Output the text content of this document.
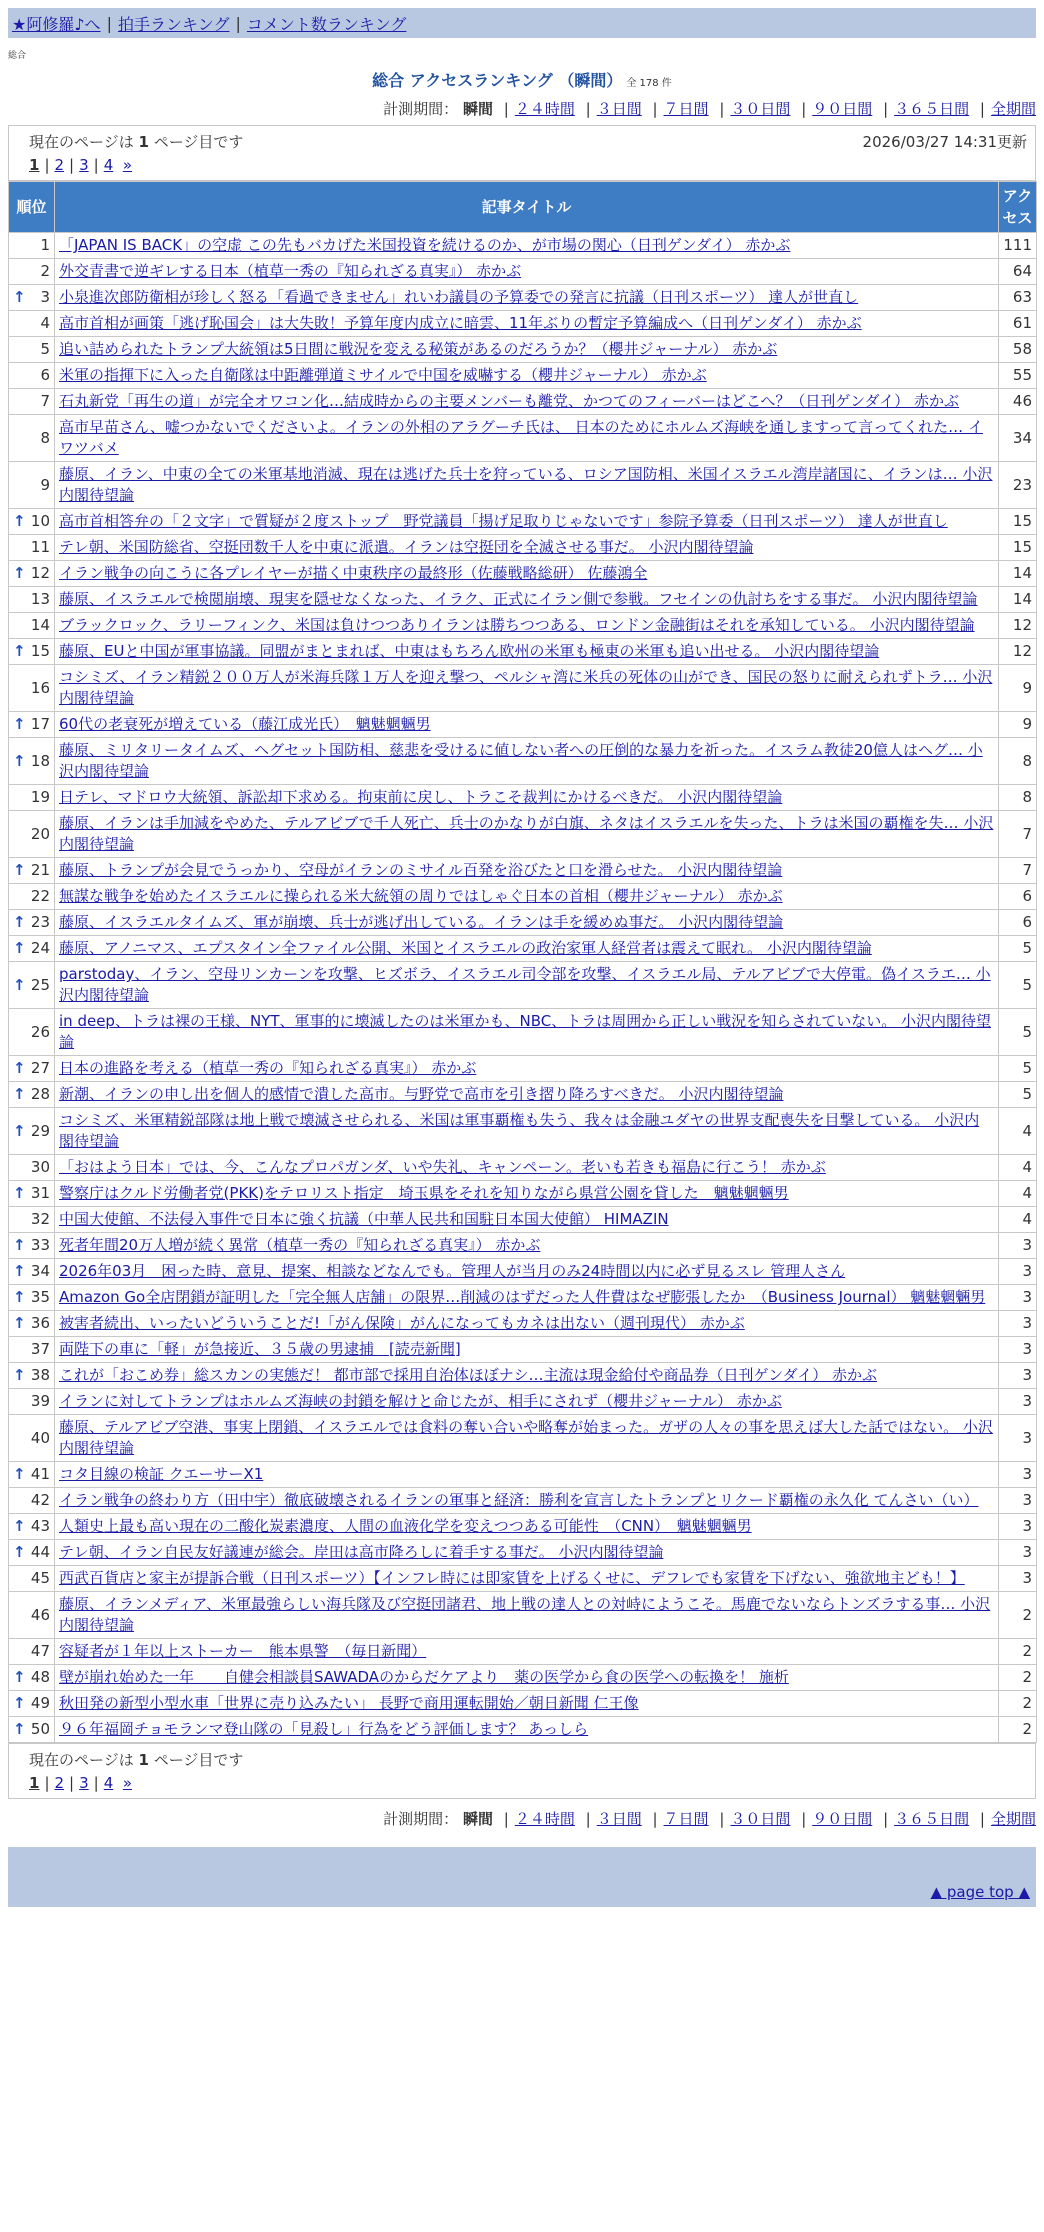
★阿修羅♪へ | 拍手ランキング | コメント数ランキング
総合
総合 アクセスランキング （瞬間） 全 178 件
計測期間： 瞬間 | ２４時間 | ３日間 | ７日間 | ３０日間 | ９０日間 | ３６５日間 | 全期間
現在のページは 1 ページ目です	2026/03/27 14:31更新
1 | 2 | 3 | 4 »
順位	記事タイトル	アクセス
1	「JAPAN IS BACK」の空虚 この先もバカげた米国投資を続けるのか、が市場の関心（日刊ゲンダイ） 赤かぶ	111
2	外交青書で逆ギレする日本（植草一秀の『知られざる真実』） 赤かぶ	64

↑ 3	小泉進次郎防衛相が珍しく怒る「看過できません」れいわ議員の予算委での発言に抗議（日刊スポーツ） 達人が世直し	63
4	高市首相が画策「逃げ恥国会」は大失敗！予算年度内成立に暗雲、11年ぶりの暫定予算編成へ（日刊ゲンダイ） 赤かぶ	61
5	追い詰められたトランプ大統領は5日間に戦況を変える秘策があるのだろうか？（櫻井ジャーナル） 赤かぶ	58
6	米軍の指揮下に入った自衛隊は中距離弾道ミサイルで中国を威嚇する（櫻井ジャーナル） 赤かぶ	55
7	石丸新党「再生の道」が完全オワコン化…結成時からの主要メンバーも離党、かつてのフィーバーはどこへ？（日刊ゲンダイ） 赤かぶ	46
8	高市早苗さん、嘘つかないでくださいよ。イランの外相のアラグーチ氏は、 日本のためにホルムズ海峡を通しますって言ってくれた… イワツバメ	34
9	藤原、イラン、中東の全ての米軍基地消滅、現在は逃げた兵士を狩っている、ロシア国防相、米国イスラエル湾岸諸国に、イランは… 小沢内閣待望論	23

↑ 10	高市首相答弁の「２文字」で質疑が２度ストップ　野党議員「揚げ足取りじゃないです」参院予算委（日刊スポーツ） 達人が世直し	15
11	テレ朝、米国防総省、空挺団数千人を中東に派遣。イランは空挺団を全滅させる事だ。 小沢内閣待望論	15

↑ 12	イラン戦争の向こうに各プレイヤーが描く中東秩序の最終形（佐藤戦略総研） 佐藤鴻全	14
13	藤原、イスラエルで検閲崩壊、現実を隠せなくなった、イラク、正式にイラン側で参戦。フセインの仇討ちをする事だ。 小沢内閣待望論	14
14	ブラックロック、ラリーフィンク、米国は負けつつありイランは勝ちつつある、ロンドン金融街はそれを承知している。 小沢内閣待望論	12

↑ 15	藤原、EUと中国が軍事協議。同盟がまとまれば、中東はもちろん欧州の米軍も極東の米軍も追い出せる。 小沢内閣待望論	12
16	コシミズ、イラン精鋭２００万人が米海兵隊１万人を迎え撃つ、ペルシャ湾に米兵の死体の山ができ、国民の怒りに耐えられずトラ… 小沢内閣待望論	9

↑ 17	60代の老衰死が増えている（藤江成光氏）　魑魅魍魎男	9

↑ 18	藤原、ミリタリータイムズ、ヘグセット国防相、慈悲を受けるに値しない者への圧倒的な暴力を祈った。イスラム教徒20億人はヘグ… 小沢内閣待望論	8
19	日テレ、マドロウ大統領、訴訟却下求める。拘束前に戻し、トラこそ裁判にかけるべきだ。 小沢内閣待望論	8
20	藤原、イランは手加減をやめた、テルアビブで千人死亡、兵士のかなりが白旗、ネタはイスラエルを失った、トラは米国の覇権を失… 小沢内閣待望論	7

↑ 21	藤原、トランプが会見でうっかり、空母がイランのミサイル百発を浴びたと口を滑らせた。 小沢内閣待望論	7
22	無謀な戦争を始めたイスラエルに操られる米大統領の周りではしゃぐ日本の首相（櫻井ジャーナル） 赤かぶ	6

↑ 23	藤原、イスラエルタイムズ、軍が崩壊、兵士が逃げ出している。イランは手を緩めぬ事だ。 小沢内閣待望論	6

↑ 24	藤原、アノニマス、エプスタイン全ファイル公開、米国とイスラエルの政治家軍人経営者は震えて眠れ。 小沢内閣待望論	5

↑ 25	parstoday、イラン、空母リンカーンを攻撃、ヒズボラ、イスラエル司令部を攻撃、イスラエル局、テルアビブで大停電。偽イスラエ… 小沢内閣待望論	5
26	in deep、トラは裸の王様、NYT、軍事的に壊滅したのは米軍かも、NBC、トラは周囲から正しい戦況を知らされていない。 小沢内閣待望論	5

↑ 27	日本の進路を考える（植草一秀の『知られざる真実』） 赤かぶ	5

↑ 28	新潮、イランの申し出を個人的感情で潰した高市。与野党で高市を引き摺り降ろすべきだ。 小沢内閣待望論	5

↑ 29	コシミズ、米軍精鋭部隊は地上戦で壊滅させられる、米国は軍事覇権も失う、我々は金融ユダヤの世界支配喪失を目撃している。 小沢内閣待望論	4
30	「おはよう日本」では、今、こんなプロパガンダ、いや失礼、キャンペーン。老いも若きも福島に行こう！ 赤かぶ	4

↑ 31	警察庁はクルド労働者党(PKK)をテロリスト指定　埼玉県をそれを知りながら県営公園を貸した　魑魅魍魎男	4
32	中国大使館、不法侵入事件で日本に強く抗議（中華人民共和国駐日本国大使館） HIMAZIN	4

↑ 33	死者年間20万人増が続く異常（植草一秀の『知られざる真実』） 赤かぶ	3

↑ 34	2026年03月　困った時、意見、提案、相談などなんでも。管理人が当月のみ24時間以内に必ず見るスレ 管理人さん	3

↑ 35	Amazon Go全店閉鎖が証明した「完全無人店舗」の限界…削減のはずだった人件費はなぜ膨張したか　（Business Journal） 魑魅魍魎男	3

↑ 36	被害者続出、いったいどういうことだ!「がん保険」がんになってもカネは出ない（週刊現代） 赤かぶ	3
37	両陛下の車に「軽」が急接近、３５歳の男逮捕　[読売新聞]	3

↑ 38	これが「おこめ券」総スカンの実態だ！ 都市部で採用自治体ほぼナシ…主流は現金給付や商品券（日刊ゲンダイ） 赤かぶ	3
39	イランに対してトランプはホルムズ海峡の封鎖を解けと命じたが、相手にされず（櫻井ジャーナル） 赤かぶ	3
40	藤原、テルアビブ空港、事実上閉鎖、イスラエルでは食料の奪い合いや略奪が始まった。ガザの人々の事を思えば大した話ではない。 小沢内閣待望論	3

↑ 41	コタ目線の検証 クエーサーX1	3
42	イラン戦争の終わり方（田中宇）徹底破壊されるイランの軍事と経済：勝利を宣言したトランプとリクード覇権の永久化 てんさい（い）	3

↑ 43	人類史上最も高い現在の二酸化炭素濃度、人間の血液化学を変えつつある可能性　（CNN）　魑魅魍魎男	3

↑ 44	テレ朝、イラン自民友好議連が総会。岸田は高市降ろしに着手する事だ。 小沢内閣待望論	3
45	西武百貨店と家主が提訴合戦（日刊スポーツ）【インフレ時には即家賃を上げるくせに、デフレでも家賃を下げない、強欲地主ども！】	3
46	藤原、イランメディア、米軍最強らしい海兵隊及び空挺団諸君、地上戦の達人との対峙にようこそ。馬鹿でないならトンズラする事… 小沢内閣待望論	2
47	容疑者が１年以上ストーカー　熊本県警　（毎日新聞）	2

↑ 48	壁が崩れ始めた一年　　自健会相談員SAWADAのからだケアより　薬の医学から食の医学への転換を！ 施析	2

↑ 49	秋田発の新型小型水車「世界に売り込みたい」 長野で商用運転開始／朝日新聞 仁王像	2

↑ 50	９６年福岡チョモランマ登山隊の「見殺し」行為をどう評価します？ あっしら	2
現在のページは 1 ページ目です
1 | 2 | 3 | 4 »
計測期間： 瞬間 | ２４時間 | ３日間 | ７日間 | ３０日間 | ９０日間 | ３６５日間 | 全期間
▲ page top ▲
